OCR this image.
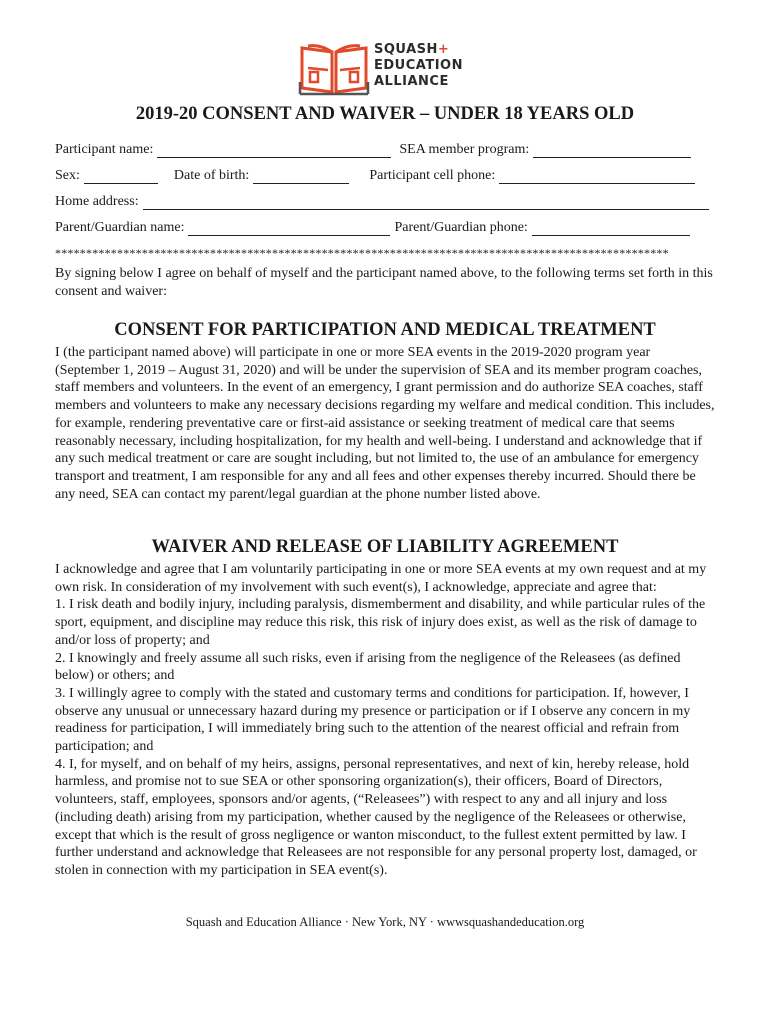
SQUASH+
EDUCATION
ALLIANCE
2019-20 CONSENT AND WAIVER – UNDER 18 YEARS OLD
Participant name:	SEA member program:
Sex:	Date of birth:	Participant cell phone:
Home address:
Parent/Guardian name:	Parent/Guardian phone:
***************************************************************************************************

By signing below I agree on behalf of myself and the participant named above, to the following terms set forth in this consent and waiver:

CONSENT FOR PARTICIPATION AND MEDICAL TREATMENT

I (the participant named above) will participate in one or more SEA events in the 2019-2020 program year (September 1, 2019 – August 31, 2020) and will be under the supervision of SEA and its member program coaches, staff members and volunteers. In the event of an emergency, I grant permission and do authorize SEA coaches, staff members and volunteers to make any necessary decisions regarding my welfare and medical condition. This includes, for example, rendering preventative care or first-aid assistance or seeking treatment of medical care that seems reasonably necessary, including hospitalization, for my health and well-being. I understand and acknowledge that if any such medical treatment or care are sought including, but not limited to, the use of an ambulance for emergency transport and treatment, I am responsible for any and all fees and other expenses thereby incurred. Should there be any need, SEA can contact my parent/legal guardian at the phone number listed above.

WAIVER AND RELEASE OF LIABILITY AGREEMENT
I acknowledge and agree that I am voluntarily participating in one or more SEA events at my own request and at my own risk. In consideration of my involvement with such event(s), I acknowledge, appreciate and agree that:
1. I risk death and bodily injury, including paralysis, dismemberment and disability, and while particular rules of the sport, equipment, and discipline may reduce this risk, this risk of injury does exist, as well as the risk of damage to and/or loss of property; and
2. I knowingly and freely assume all such risks, even if arising from the negligence of the Releasees (as defined below) or others; and
3. I willingly agree to comply with the stated and customary terms and conditions for participation. If, however, I observe any unusual or unnecessary hazard during my presence or participation or if I observe any concern in my readiness for participation, I will immediately bring such to the attention of the nearest official and refrain from participation; and
4. I, for myself, and on behalf of my heirs, assigns, personal representatives, and next of kin, hereby release, hold harmless, and promise not to sue SEA or other sponsoring organization(s), their officers, Board of Directors, volunteers, staff, employees, sponsors and/or agents, (“Releasees”) with respect to any and all injury and loss (including death) arising from my participation, whether caused by the negligence of the Releasees or otherwise, except that which is the result of gross negligence or wanton misconduct, to the fullest extent permitted by law. I further understand and acknowledge that Releasees are not responsible for any personal property lost, damaged, or stolen in connection with my participation in SEA event(s).
Squash and Education Alliance · New York, NY · wwwsquashandeducation.org
